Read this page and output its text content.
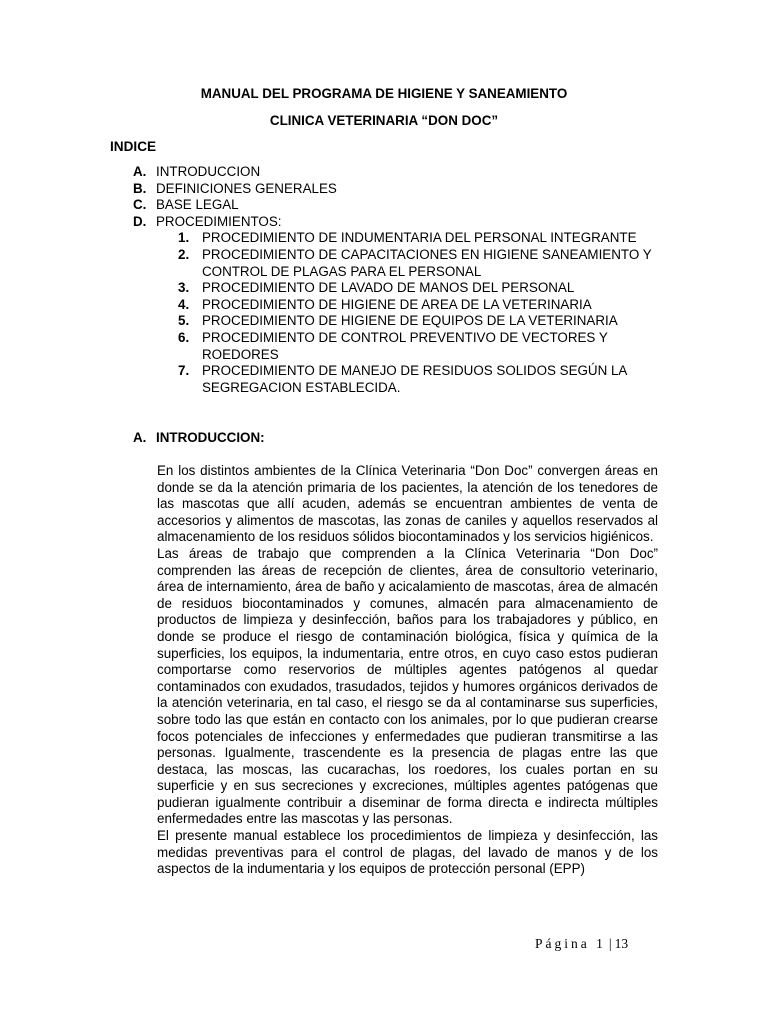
MANUAL DEL PROGRAMA DE HIGIENE Y SANEAMIENTO
CLINICA VETERINARIA “DON DOC”
INDICE
A. INTRODUCCION
B. DEFINICIONES GENERALES
C. BASE LEGAL
D. PROCEDIMIENTOS:
1. PROCEDIMIENTO DE INDUMENTARIA DEL PERSONAL INTEGRANTE
2. PROCEDIMIENTO DE CAPACITACIONES EN HIGIENE SANEAMIENTO Y CONTROL DE PLAGAS PARA EL PERSONAL
3. PROCEDIMIENTO DE LAVADO DE MANOS DEL PERSONAL
4. PROCEDIMIENTO DE HIGIENE DE AREA DE LA VETERINARIA
5. PROCEDIMIENTO DE HIGIENE DE EQUIPOS DE LA VETERINARIA
6. PROCEDIMIENTO DE CONTROL PREVENTIVO DE VECTORES Y ROEDORES
7. PROCEDIMIENTO DE MANEJO DE RESIDUOS SOLIDOS SEGÚN LA SEGREGACION ESTABLECIDA.
A. INTRODUCCION:

En los distintos ambientes de la Clínica Veterinaria “Don Doc” convergen áreas en donde se da la atención primaria de los pacientes, la atención de los tenedores de las mascotas que allí acuden, además se encuentran ambientes de venta de accesorios y alimentos de mascotas, las zonas de caniles y aquellos reservados al almacenamiento de los residuos sólidos biocontaminados y los servicios higiénicos.

Las áreas de trabajo que comprenden a la Clínica Veterinaria “Don Doc” comprenden las áreas de recepción de clientes, área de consultorio veterinario, área de internamiento, área de baño y acicalamiento de mascotas, área de almacén de residuos biocontaminados y comunes, almacén para almacenamiento de productos de limpieza y desinfección, baños para los trabajadores y público, en donde se produce el riesgo de contaminación biológica, física y química de la superficies, los equipos, la indumentaria, entre otros, en cuyo caso estos pudieran comportarse como reservorios de múltiples agentes patógenos al quedar contaminados con exudados, trasudados, tejidos y humores orgánicos derivados de la atención veterinaria, en tal caso, el riesgo se da al contaminarse sus superficies, sobre todo las que están en contacto con los animales, por lo que pudieran crearse focos potenciales de infecciones y enfermedades que pudieran transmitirse a las personas. Igualmente, trascendente es la presencia de plagas entre las que destaca, las moscas, las cucarachas, los roedores, los cuales portan en su superficie y en sus secreciones y excreciones, múltiples agentes patógenas que pudieran igualmente contribuir a diseminar de forma directa e indirecta múltiples enfermedades entre las mascotas y las personas.

El presente manual establece los procedimientos de limpieza y desinfección, las medidas preventivas para el control de plagas, del lavado de manos y de los aspectos de la indumentaria y los equipos de protección personal (EPP)

Página 1 | 13
